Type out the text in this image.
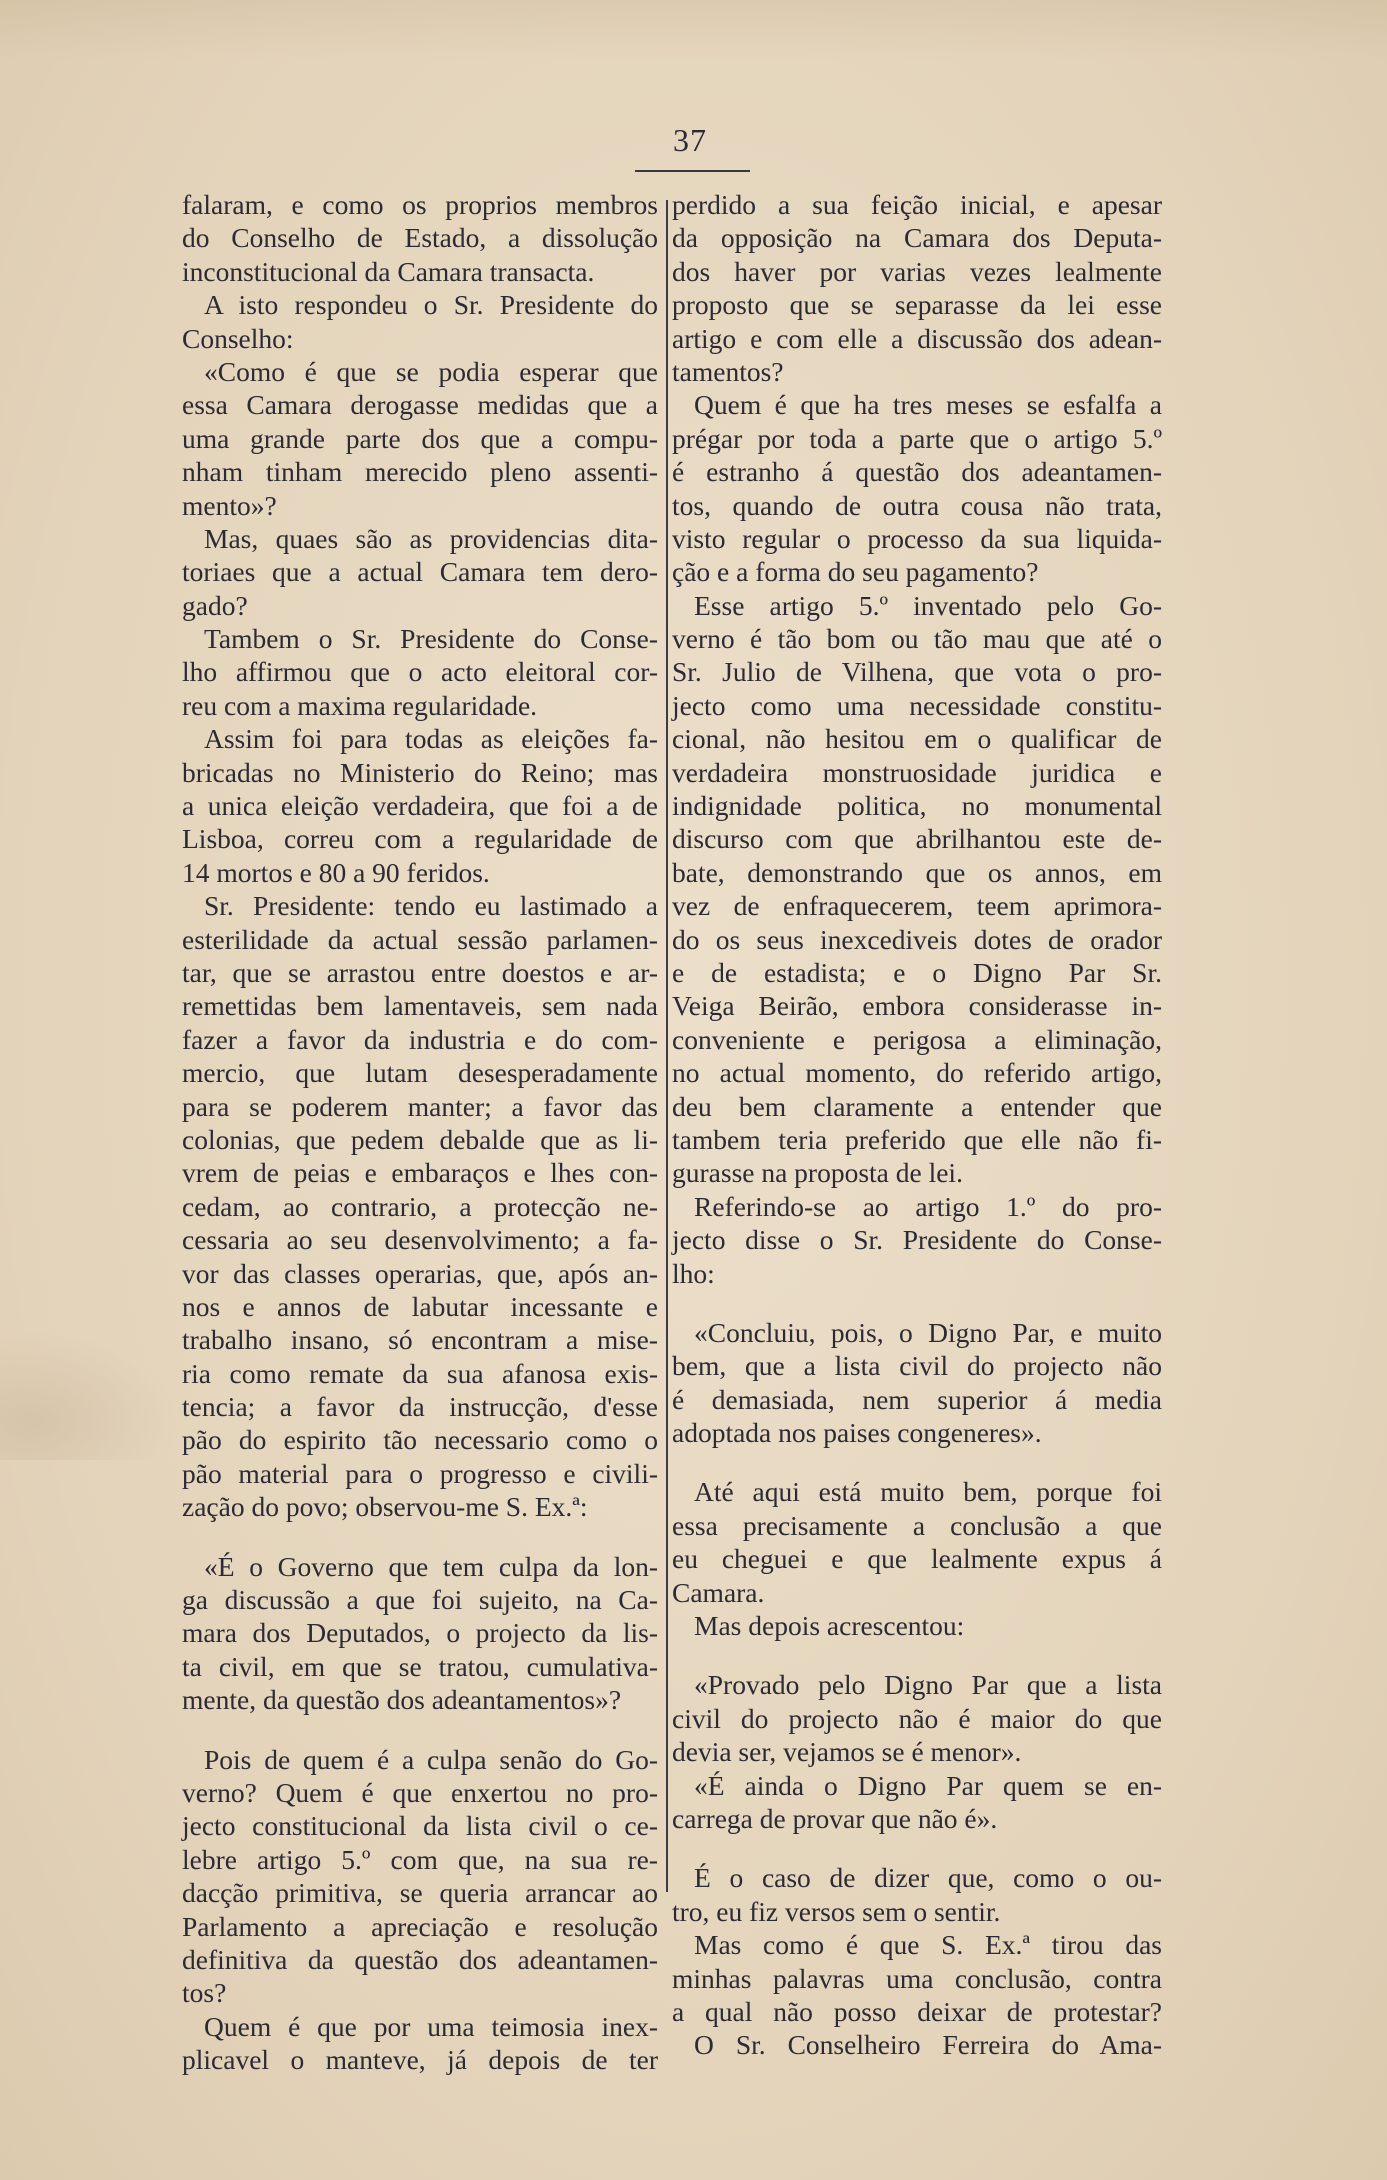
37
falaram, e como os proprios membros
do Conselho de Estado, a dissolução
inconstitucional da Camara transacta.
A isto respondeu o Sr. Presidente do
Conselho:
«Como é que se podia esperar que
essa Camara derogasse medidas que a
uma grande parte dos que a compu-
nham tinham merecido pleno assenti-
mento»?
Mas, quaes são as providencias dita-
toriaes que a actual Camara tem dero-
gado?
Tambem o Sr. Presidente do Conse-
lho affirmou que o acto eleitoral cor-
reu com a maxima regularidade.
Assim foi para todas as eleições fa-
bricadas no Ministerio do Reino; mas
a unica eleição verdadeira, que foi a de
Lisboa, correu com a regularidade de
14 mortos e 80 a 90 feridos.
Sr. Presidente: tendo eu lastimado a
esterilidade da actual sessão parlamen-
tar, que se arrastou entre doestos e ar-
remettidas bem lamentaveis, sem nada
fazer a favor da industria e do com-
mercio, que lutam desesperadamente
para se poderem manter; a favor das
colonias, que pedem debalde que as li-
vrem de peias e embaraços e lhes con-
cedam, ao contrario, a protecção ne-
cessaria ao seu desenvolvimento; a fa-
vor das classes operarias, que, após an-
nos e annos de labutar incessante e
trabalho insano, só encontram a mise-
ria como remate da sua afanosa exis-
tencia; a favor da instrucção, d'esse
pão do espirito tão necessario como o
pão material para o progresso e civili-
zação do povo; observou-me S. Ex.ª:
«É o Governo que tem culpa da lon-
ga discussão a que foi sujeito, na Ca-
mara dos Deputados, o projecto da lis-
ta civil, em que se tratou, cumulativa-
mente, da questão dos adeantamentos»?
Pois de quem é a culpa senão do Go-
verno? Quem é que enxertou no pro-
jecto constitucional da lista civil o ce-
lebre artigo 5.º com que, na sua re-
dacção primitiva, se queria arrancar ao
Parlamento a apreciação e resolução
definitiva da questão dos adeantamen-
tos?
Quem é que por uma teimosia inex-
plicavel o manteve, já depois de ter
perdido a sua feição inicial, e apesar
da opposição na Camara dos Deputa-
dos haver por varias vezes lealmente
proposto que se separasse da lei esse
artigo e com elle a discussão dos adean-
tamentos?
Quem é que ha tres meses se esfalfa a
prégar por toda a parte que o artigo 5.º
é estranho á questão dos adeantamen-
tos, quando de outra cousa não trata,
visto regular o processo da sua liquida-
ção e a forma do seu pagamento?
Esse artigo 5.º inventado pelo Go-
verno é tão bom ou tão mau que até o
Sr. Julio de Vilhena, que vota o pro-
jecto como uma necessidade constitu-
cional, não hesitou em o qualificar de
verdadeira monstruosidade juridica e
indignidade politica, no monumental
discurso com que abrilhantou este de-
bate, demonstrando que os annos, em
vez de enfraquecerem, teem aprimora-
do os seus inexcediveis dotes de orador
e de estadista; e o Digno Par Sr.
Veiga Beirão, embora considerasse in-
conveniente e perigosa a eliminação,
no actual momento, do referido artigo,
deu bem claramente a entender que
tambem teria preferido que elle não fi-
gurasse na proposta de lei.
Referindo-se ao artigo 1.º do pro-
jecto disse o Sr. Presidente do Conse-
lho:
«Concluiu, pois, o Digno Par, e muito
bem, que a lista civil do projecto não
é demasiada, nem superior á media
adoptada nos paises congeneres».
Até aqui está muito bem, porque foi
essa precisamente a conclusão a que
eu cheguei e que lealmente expus á
Camara.
Mas depois acrescentou:
«Provado pelo Digno Par que a lista
civil do projecto não é maior do que
devia ser, vejamos se é menor».
«É ainda o Digno Par quem se en-
carrega de provar que não é».
É o caso de dizer que, como o ou-
tro, eu fiz versos sem o sentir.
Mas como é que S. Ex.ª tirou das
minhas palavras uma conclusão, contra
a qual não posso deixar de protestar?
O Sr. Conselheiro Ferreira do Ama-
